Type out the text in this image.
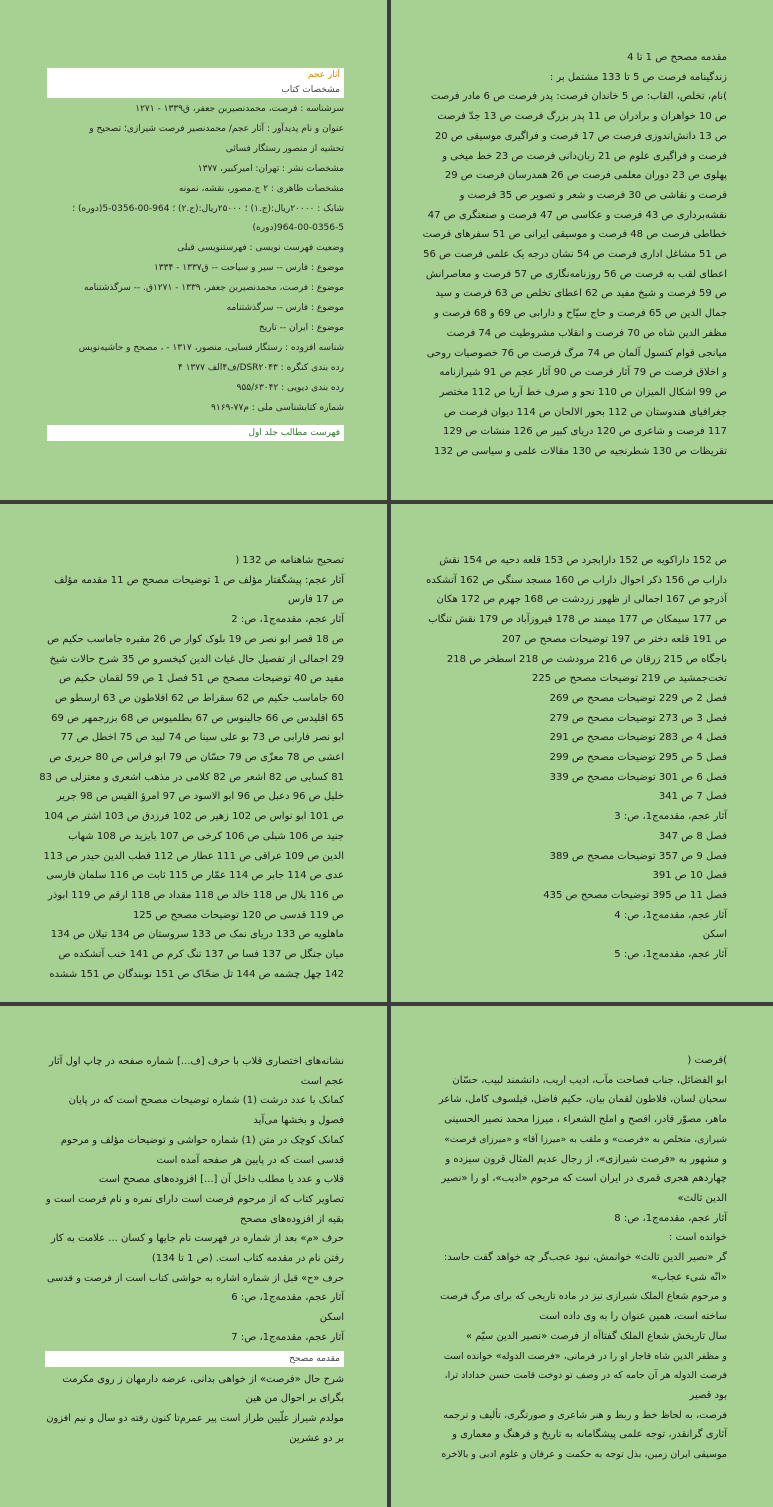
آثار عجم
مشخصات کتاب
سرشناسه : فرصت، محمدنصیربن جعفر، ق۱۳۳۹ - ۱۲۷۱
عنوان و نام پدیدآور : آثار عجم/ محمدنصیر فرصت شیرازی؛ تصحیح و
تحشیه از منصور رستگار فسائی
مشخصات نشر : تهران: امیرکبیر، ۱۳۷۷
مشخصات ظاهری : ۲ ج.مصور، نقشه، نمونه
شابک : ۲۰۰۰۰ریال:(ج.۱) ؛ ۲۵۰۰۰ریال:(ج.۲) ؛ 964-00-0356-5(دوره) ؛
964-00-0356-5(دوره)
وضعیت فهرست نویسی : فهرستنویسی قبلی
موضوع : فارس -- سیر و سیاحت -- ق۱۳۳۷ - ۱۳۳۴
موضوع : فرصت، محمدنصیربن جعفر، ۱۳۳۹ - ۱۲۷۱ق. -- سرگذشتنامه
موضوع : فارس -- سرگذشتنامه
موضوع : ایران -- تاریخ
شناسه افزوده : رستگار فسایی، منصور، ۱۳۱۷ - ، مصحح و حاشیه‌نویس
رده بندی کنگره : DSR۲۰۴۳/ف۴الف ۱۳۷۷ ۴
رده بندی دیویی : ۹۵۵/۶۳۰۴۲
شماره کتابشناسی ملی : م۷۷-۹۱۶۹
فهرست مطالب جلد اول
مقدمه مصحح ص 1 تا 4
زندگینامه فرصت ص 5 تا 133 مشتمل بر :
)نام، تخلص، القاب: ص 5 خاندان فرصت: پدر فرصت ص 6 مادر فرصت
ص 10 خواهران و برادران ص 11 پدر بزرگ فرصت ص 13 جدّ فرصت
ص 13 دانش‌اندوزی فرصت ص 17 فرصت و فراگیری موسیقی ص 20
فرصت و فراگیری علوم ص 21 زبان‌دانی فرصت ص 23 خط میخی و
پهلوی ص 23 دوران معلمی فرصت ص 26 همدرسان فرصت ص 29
فرصت و نقاشی ص 30 فرصت و شعر و تصویر ص 35 فرصت و
نقشه‌برداری ص 43 فرصت و عکاسی ص 47 فرصت و صنعتگری ص 47
خطاطی فرصت ص 48 فرصت و موسیقی ایرانی ص 51 سفرهای فرصت
ص 51 مشاغل اداری فرصت ص 54 نشان درجه یک علمی فرصت ص 56
اعطای لقب به فرصت ص 56 روزنامه‌نگاری ص 57 فرصت و معاصرانش
ص 59 فرصت و شیخ مفید ص 62 اعطای تخلص ص 63 فرصت و سید
جمال الدین ص 65 فرصت و حاج سیّاح و دارابی ص 69 و 68 فرصت و
مظفر الدین شاه ص 70 فرصت و انقلاب مشروطیت ص 74 فرصت
میانجی قوام کنسول آلمان ص 74 مرگ فرصت ص 76 خصوصیات روحی
و اخلاق فرصت ص 79 آثار فرصت ص 90 آثار عجم ص 91 شیرازنامه
ص 99 اشکال المیزان ص 110 نحو و صرف خط آریا ص 112 مختصر
جغرافیای هندوستان ص 112 بحور الالحان ص 114 دیوان فرصت ص
117 فرصت و شاعری ص 120 دریای کبیر ص 126 منشات ص 129
تقریظات ص 130 شطرنجیه ص 130 مقالات علمی و سیاسی ص 132
تصحیح شاهنامه ص 132 (
آثار عجم: پیشگفتار مؤلف ص 1 توضیحات مصحح ص 11 مقدمه مؤلف
ص 17 فارس
آثار عجم، مقدمه‌ج1، ص: 2
ص 18 قصر ابو نصر ص 19 بلوک کوار ص 26 مقبره جاماسب حکیم ص
29 اجمالی از تفصیل حال غیاث الدین کیخسرو ص 35 شرح حالات شیخ
مفید ص 40 توضیحات مصحح ص 51 فصل 1 ص 59 لقمان حکیم ص
60 جاماسب حکیم ص 62 سقراط ص 62 افلاطون ص 63 ارسطو ص
65 اقلیدس ص 66 جالینوس ص 67 بطلمیوس ص 68 بزرجمهر ص 69
ابو نصر فارابی ص 73 بو علی سینا ص 74 لبید ص 75 اخطل ص 77
اعشی ص 78 معزّی ص 79 حسّان ص 79 ابو فراس ص 80 حریری ص
81 کسایی ص 82 اشعر ص 82 کلامی در مذهب اشعری و معتزلی ص 83
خلیل ص 96 دعبل ص 96 ابو الاسود ص 97 امرؤ القیس ص 98 جریر
ص 101 ابو نواس ص 102 زهیر ص 102 فرزدق ص 103 اشتر ص 104
جنید ص 106 شبلی ص 106 کرخی ص 107 بایزید ص 108 شهاب
الدین ص 109 عراقی ص 111 عطار ص 112 قطب الدین حیدر ص 113
عدی ص 114 جابر ص 114 عمّار ص 115 ثابت ص 116 سلمان فارسی
ص 116 بلال ص 118 خالد ص 118 مقداد ص 118 ارقم ص 119 ابوذر
ص 119 قدسی ص 120 توضیحات مصحح ص 125
ماهلویه ص 133 دریای نمک ص 133 سروستان ص 134 تیلان ص 134
میان جنگل ص 137 فسا ص 137 تنگ کرم ص 141 خنب آتشکده ص
142 چهل چشمه ص 144 تل ضحّاک ص 151 نوبندگان ص 151 ششده
ص 152 داراکویه ص 152 دارابجرد ص 153 قلعه دحیه ص 154 نقش
داراب ص 156 ذکر احوال داراب ص 160 مسجد سنگی ص 162 آتشکده
آذرجو ص 167 اجمالی از ظهور زردشت ص 168 جهرم ص 172 هکان
ص 177 سیمکان ص 177 میمند ص 178 فیروزآباد ص 179 نقش تنگاب
ص 191 قلعه دختر ص 197 توضیحات مصحح ص 207
باجگاه ص 215 زرقان ص 216 مرودشت ص 218 اسطخر ص 218
تخت‌جمشید ص 219 توضیحات مصحح ص 225
فصل 2 ص 229 توضیحات مصحح ص 269
فصل 3 ص 273 توضیحات مصحح ص 279
فصل 4 ص 283 توضیحات مصحح ص 291
فصل 5 ص 295 توضیحات مصحح ص 299
فصل 6 ص 301 توضیحات مصحح ص 339
فصل 7 ص 341
آثار عجم، مقدمه‌ج1، ص: 3
فصل 8 ص 347
فصل 9 ص 357 توضیحات مصحح ص 389
فصل 10 ص 391
فصل 11 ص 395 توضیحات مصحح ص 435
آثار عجم، مقدمه‌ج1، ص: 4
اسکن
آثار عجم، مقدمه‌ج1، ص: 5
نشانه‌های اختصاری قلاب با حرف [ف...] شماره صفحه در چاپ اول آثار
عجم است
کمانک با عدد درشت (1) شماره توضیحات مصحح است که در پایان
فصول و بخشها می‌آید
کمانک کوچک در متن (1) شماره حواشی و توضیحات مؤلف و مرحوم
قدسی است که در پایین هر صفحه آمده است
قلاب و عدد یا مطلب داخل آن [...] افزوده‌های مصحح است
تصاویر کتاب که از مرحوم فرصت است دارای نمره و نام فرصت است و
بقیه از افزوده‌های مصحح
حرف «م» بعد از شماره در فهرست نام جایها و کسان ... علامت به کار
رفتن نام در مقدمه کتاب است. (ص 1 تا 134)
حرف «ح» قبل از شماره اشاره به حواشی کتاب است از فرصت و قدسی
آثار عجم، مقدمه‌ج1، ص: 6
اسکن
آثار عجم، مقدمه‌ج1، ص: 7
مقدمه مصحح
شرح حال «فرصت» از خواهی بدانی، عرضه دارمهان ز روی مکرمت
بگرای بر احوال من هین
مولدم شیراز علّیین طراز است پیر عمرم‌تا کنون رفته دو سال و نیم افزون
بر دو عشرین
)فرصت (
ابو الفضائل، جناب فصاحت مآب، ادیب اریب، دانشمند لبیب، حسّان
سحبان لسان، فلاطون لقمان بیان، حکیم فاضل، فیلسوف کامل، شاعر
ماهر، مصوّر قادر، افصح و املح الشعراء ، میرزا محمد نصیر الحسینی
شیرازی، متخلص به «فرصت» و ملقب به «میرزا آقا» و «میرزای فرصت»
و مشهور به «فرصت شیرازی»، از رجال عدیم المثال قرون سیزده و
چهاردهم هجری قمری در ایران است که مرحوم «ادیب»، او را «نصیر
الدین ثالث»
آثار عجم، مقدمه‌ج1، ص: 8
خوانده است :
گر «نصیر الدین ثالث» خوانمش، نبود عجب‌گر چه خواهد گفت حاسد:
«انّه شیء عجاب»
و مرحوم شعاع الملک شیرازی نیز در ماده تاریخی که برای مرگ فرصت
ساخته است، همین عنوان را به وی داده است
سال تاریخش شعاع الملک گفتاآه از فرصت «نصیر الدین سیّم »
و مظفر الدین شاه قاجار او را در فرمانی، «فرصت الدوله» خوانده است
فرصت الدوله هر آن جامه که در وصف تو دوخت قامت حسن خداداد ترا،
بود قصیر
فرصت، به لحاظ خط و ربط و هنر شاعری و صورتگری، تألیف و ترجمه
آثاری گرانقدر، توجه علمی پیشگامانه به تاریخ و فرهنگ و معماری و
موسیقی ایران زمین، بذل توجه به حکمت و عرفان و علوم ادبی و بالاخره
